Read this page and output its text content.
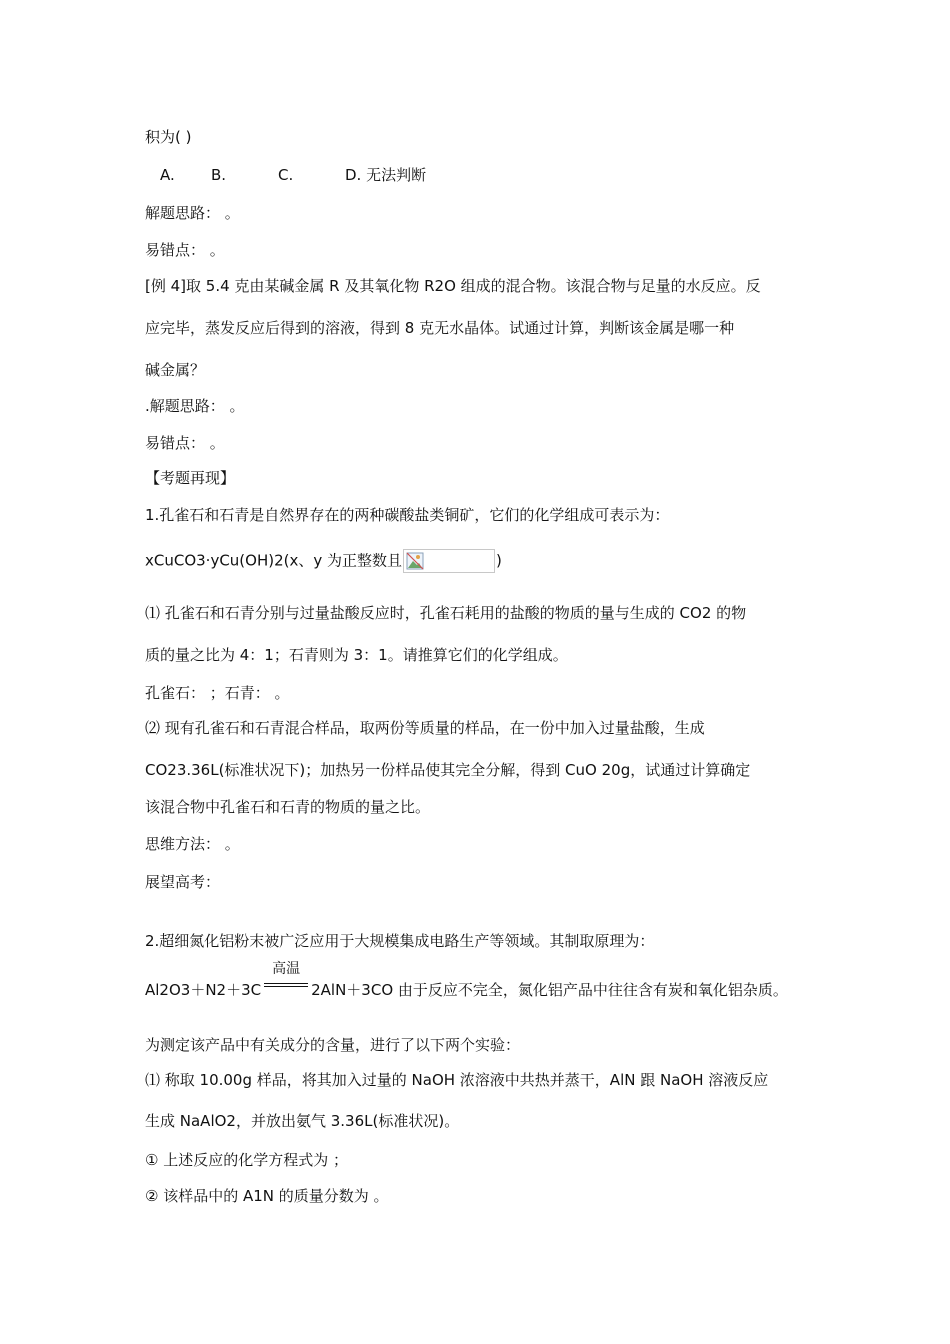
积为( )
A. B.	C.	D. 无法判断
解题思路： 。
易错点： 。
[例 4]取 5.4 克由某碱金属 R 及其氧化物 R2O 组成的混合物。该混合物与足量的水反应。反
应完毕，蒸发反应后得到的溶液，得到 8 克无水晶体。试通过计算，判断该金属是哪一种
碱金属？
.解题思路： 。
易错点： 。
【考题再现】
1.孔雀石和石青是自然界存在的两种碳酸盐类铜矿，它们的化学组成可表示为：
xCuCO3·yCu(OH)2(x、y 为正整数且	)
⑴ 孔雀石和石青分别与过量盐酸反应时，孔雀石耗用的盐酸的物质的量与生成的 CO2 的物
质的量之比为 4：1；石青则为 3：1。请推算它们的化学组成。
孔雀石： ；石青： 。
⑵ 现有孔雀石和石青混合样品，取两份等质量的样品，在一份中加入过量盐酸，生成
CO23.36L(标准状况下)；加热另一份样品使其完全分解，得到 CuO 20g，试通过计算确定
该混合物中孔雀石和石青的物质的量之比。
思维方法： 。
展望高考：
2.超细氮化铝粉末被广泛应用于大规模集成电路生产等领域。其制取原理为：
Al2O3＋N2＋3C
高温
2AlN＋3CO 由于反应不完全，氮化铝产品中往往含有炭和氧化铝杂质。
为测定该产品中有关成分的含量，进行了以下两个实验：
⑴ 称取 10.00g 样品，将其加入过量的 NaOH 浓溶液中共热并蒸干，AlN 跟 NaOH 溶液反应
生成 NaAlO2，并放出氨气 3.36L(标准状况)。
① 上述反应的化学方程式为 ；
② 该样品中的 A1N 的质量分数为 。
